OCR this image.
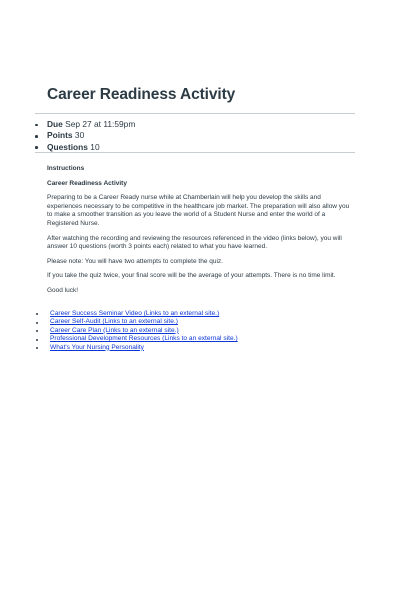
Career Readiness Activity
Due Sep 27 at 11:59pm
Points 30
Questions 10

Instructions

Career Readiness Activity

Preparing to be a Career Ready nurse while at Chamberlain will help you develop the skills and experiences necessary to be competitive in the healthcare job market. The preparation will also allow you to make a smoother transition as you leave the world of a Student Nurse and enter the world of a Registered Nurse.

After watching the recording and reviewing the resources referenced in the video (links below), you will answer 10 questions (worth 3 points each) related to what you have learned.

Please note: You will have two attempts to complete the quiz.

If you take the quiz twice, your final score will be the average of your attempts. There is no time limit.

Good luck!

Career Success Seminar Video (Links to an external site.)
Career Self-Audit (Links to an external site.)
Career Care Plan (Links to an external site.)
Professional Development Resources (Links to an external site.)
What's Your Nursing Personality
